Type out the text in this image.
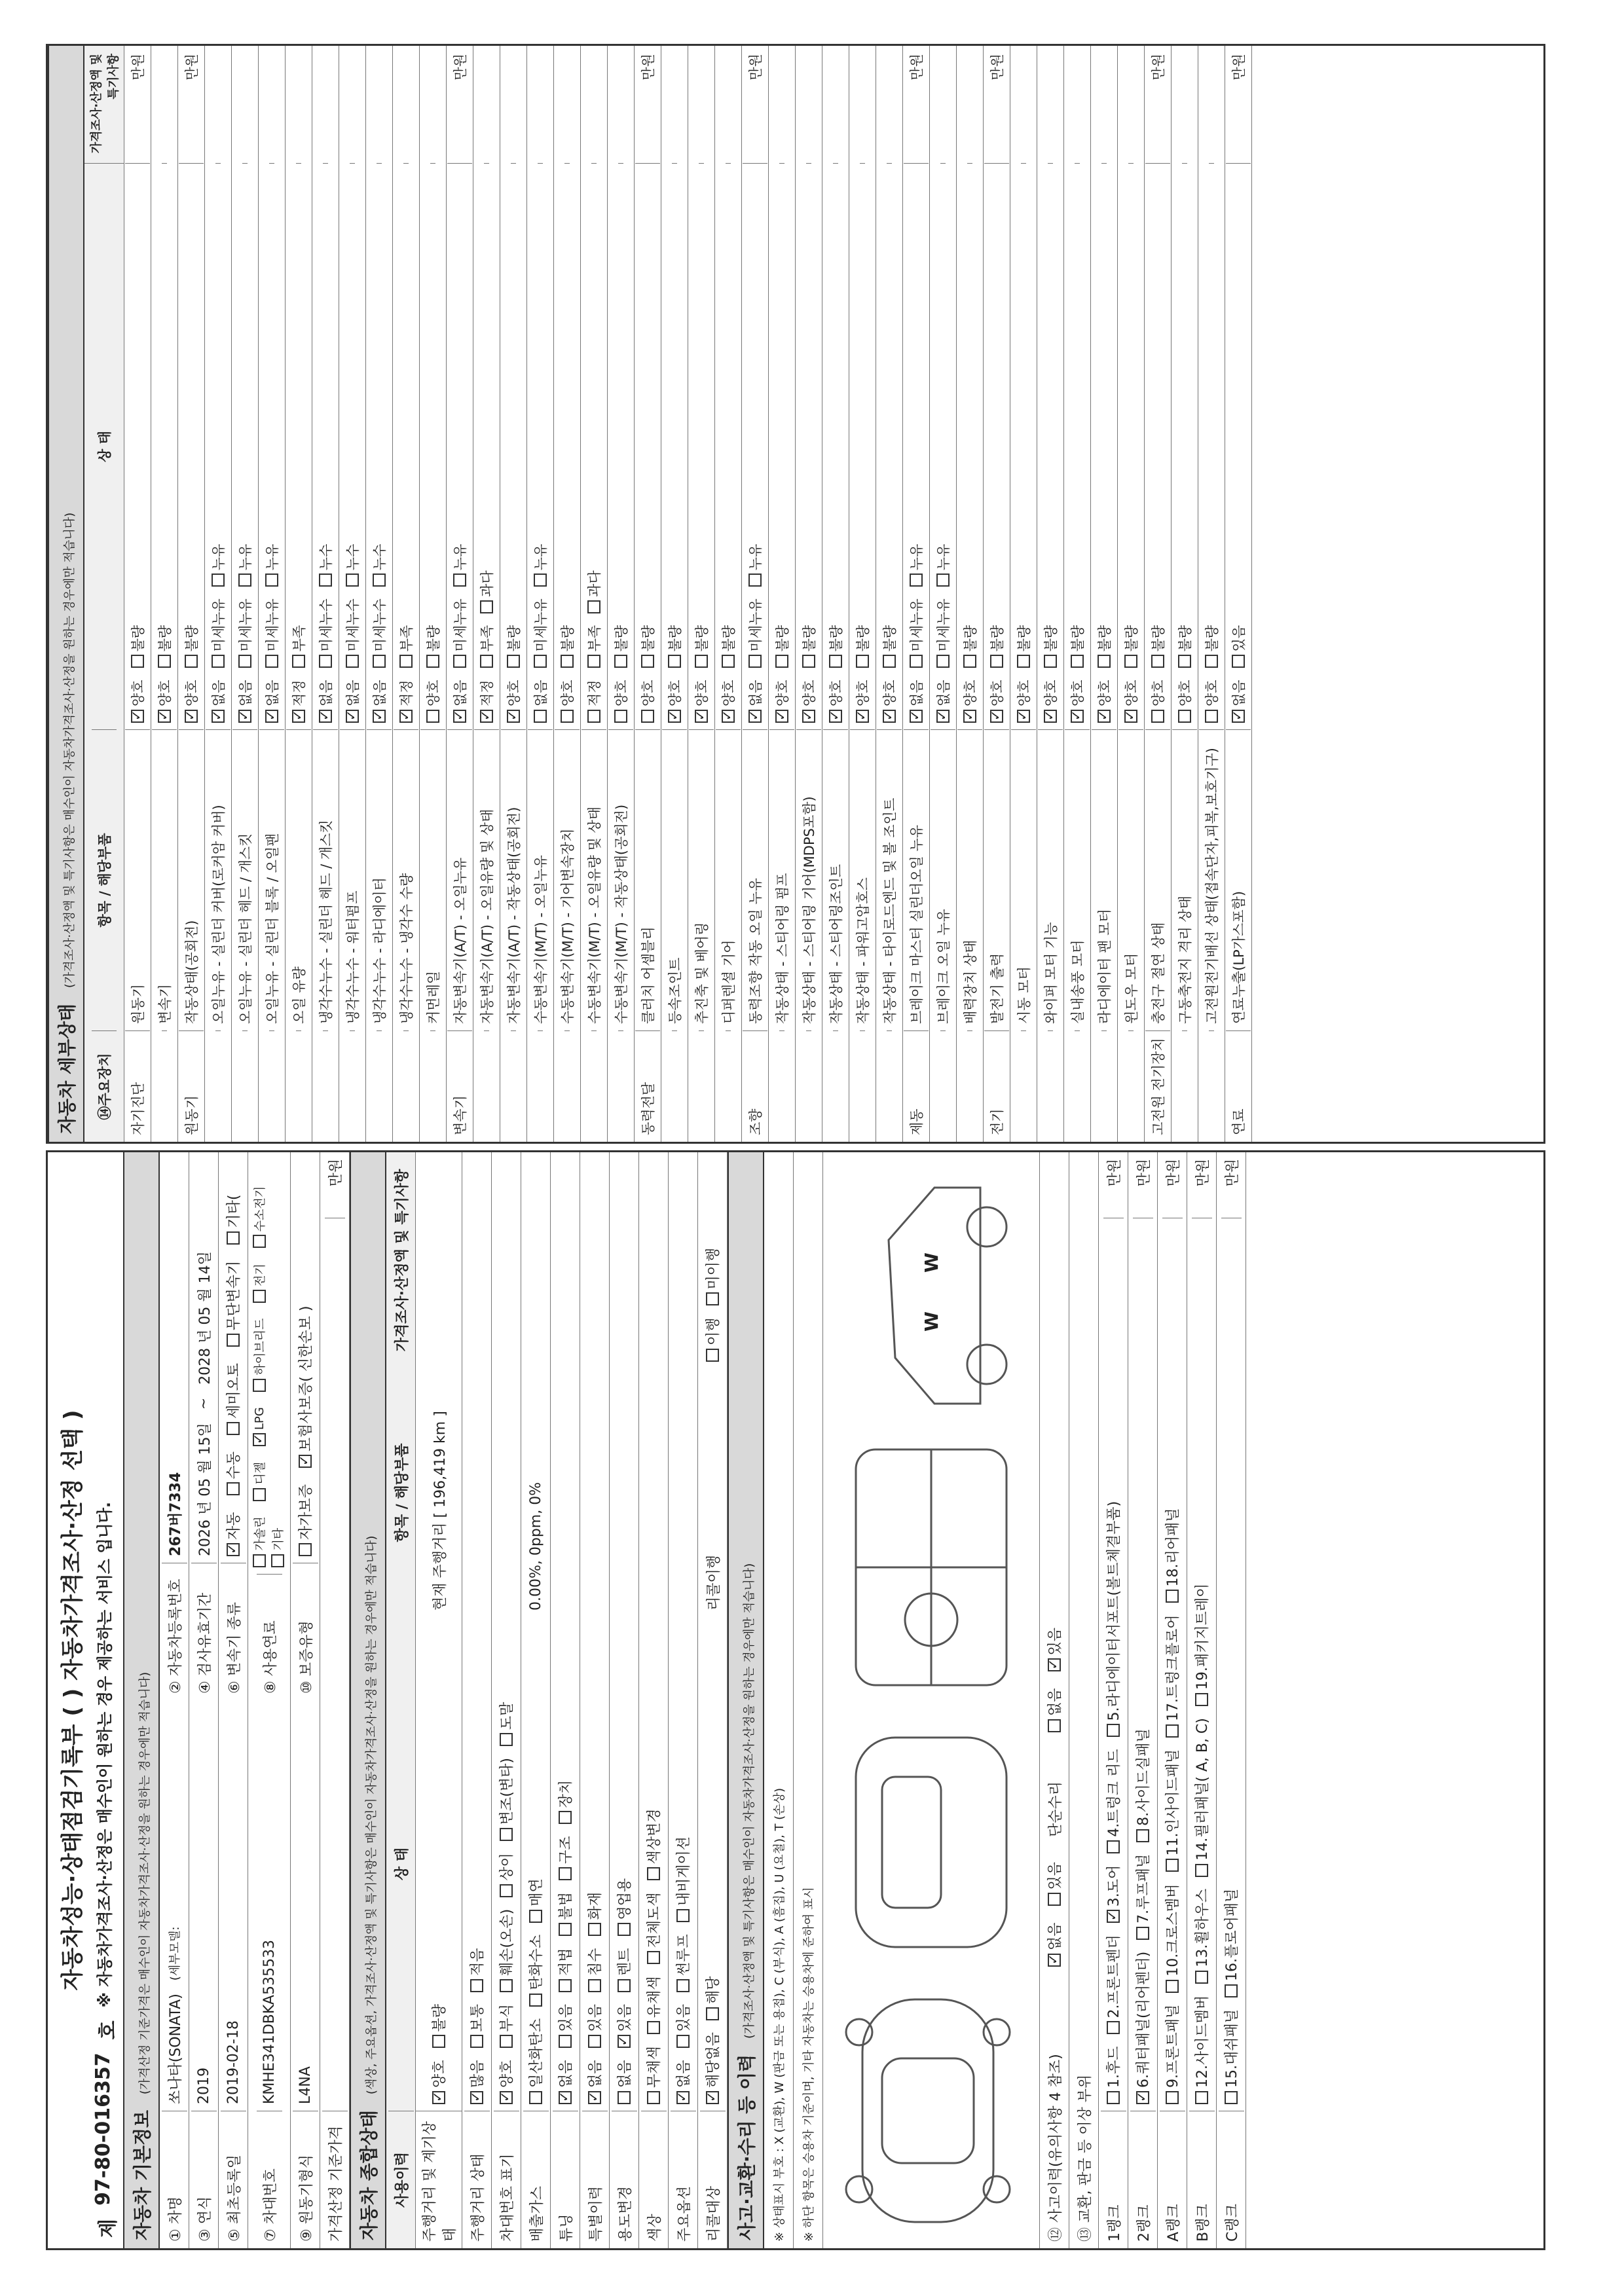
자동차성능·상태점검기록부 ( ) 자동차가격조사·산정 선택 )
제
97-80-016357
호
※ 자동차가격조사·산정은 매수인이 원하는 경우 제공하는 서비스 입니다.
자동차 기본정보 (가격산정 기준가격은 매수인이 자동차가격조사·산정을 원하는 경우에만 적습니다)
① 차명
쏘나타(SONATA)
(세부모델:
② 자동차등록번호
267버7334
③ 연식
2019
④ 검사유효기간
2026 년 05 월 15일
~
2028 년 05 월 14일
⑤ 최초등록일
2019-02-18
⑥ 변속기 종류
✓
자동

수동

세미오토

무단변속기

기타(
⑦ 차대번호
KMHE341DBKA535533
⑧ 사용연료
가솔린

디젤

✓
LPG

하이브리드

전기

수소전기

기타
⑨ 원동기형식
L4NA
⑩ 보증유형
자가보증

✓
보험사보증( 신한손보 )
가격산정 기준가격
만원
자동차 종합상태 (색상, 주요옵션, 가격조사·산정액 및 특기사항은 매수인이 자동차가격조사·산정을 원하는 경우에만 적습니다)
사용이력
상 태
항목 / 해당부품
가격조사·산정액 및 특기사항
주행거리 및 계기상태
✓
양호
불량
현재 주행거리 [ 196,419 km ]
주행거리 상태
✓
많음
보통
적음
차대번호 표기
✓
양호
부식
훼손(오손)
상이
변조(변타)
도말
배출가스
일산화탄소
탄화수소
매연
0.00%, 0ppm, 0%
튜닝
✓
없음
있음
적법
불법
구조
장치
특별이력
✓
없음
있음
침수
화재
용도변경
없음
✓
있음
렌트
영업용
색상
무채색
유채색
전체도색
색상변경
주요옵션
✓
없음
있음
썬루프
내비게이션
리콜대상
✓
해당없음
해당
리콜이행
이행
미이행
사고·교환·수리 등 이력 (가격조사·산정액 및 특기사항은 매수인이 자동차가격조사·산정을 원하는 경우에만 적습니다)	※ 상태표시 부호 : X (교환), W (판금 또는 용접), C (부식), A (흠집), U (요철), T (손상)	※ 하단 항목은 승용차 기준이며, 기타 자동차는 승용차에 준하여 표시
W
W
⑫ 사고이력(유의사항 4 참조)
✓
없음

있음
단순수리
없음

✓
있음
⑬ 교환, 판금 등 이상 부위 1랭크
1.후드
2.프론트펜더
✓
3.도어
4.트렁크 리드
5.라디에이터서포트(볼트체결부품)
만원
2랭크
✓
6.쿼터패널(리어펜더)
7.루프패널
8.사이드실패널
만원
A랭크
9.프론트패널
10.크로스멤버
11.인사이드패널
17.트렁크플로어
18.리어패널
만원
B랭크
12.사이드멤버
13.휠하우스
14.필러패널( A, B, C)
19.패키지트레이
만원
C랭크
15.대쉬패널
16.플로어패널
만원
자동차 세부상태 (가격조사·산정액 및 특기사항은 매수인이 자동차가격조사·산정을 원하는 경우에만 적습니다)
⑭주요장치
항목 / 해당부품
상 태
가격조사·산정액 및 특기사항
자기진단
원동기
✓
양호
불량
만원
변속기
✓
양호
불량
원동기
작동상태(공회전)
✓
양호
불량
만원
오일누유 - 실린더 커버(로커암 커버)
✓
없음
미세누유
누유
오일누유 - 실린더 헤드 / 개스킷
✓
없음
미세누유
누유
오일누유 - 실린더 블록 / 오일팬
✓
없음
미세누유
누유
오일 유량
✓
적정
부족
냉각수누수 - 실린더 헤드 / 개스킷
✓
없음
미세누수
누수
냉각수누수 - 워터펌프
✓
없음
미세누수
누수
냉각수누수 - 라디에이터
✓
없음
미세누수
누수
냉각수누수 - 냉각수 수량
✓
적정
부족
커먼레일
양호
불량
변속기
자동변속기(A/T) - 오일누유
✓
없음
미세누유
누유
만원
자동변속기(A/T) - 오일유량 및 상태
✓
적정
부족
과다
자동변속기(A/T) - 작동상태(공회전)
✓
양호
불량
수동변속기(M/T) - 오일누유
없음
미세누유
누유
수동변속기(M/T) - 기어변속장치
양호
불량
수동변속기(M/T) - 오일유량 및 상태
적정
부족
과다
수동변속기(M/T) - 작동상태(공회전)
양호
불량
동력전달
클러치 어셈블리
양호
불량
만원
등속조인트
✓
양호
불량
추진축 및 베어링
✓
양호
불량
디퍼렌셜 기어
✓
양호
불량
조향
동력조향 작동 오일 누유
✓
없음
미세누유
누유
만원
작동상태 - 스티어링 펌프
✓
양호
불량
작동상태 - 스티어링 기어(MDPS포함)
✓
양호
불량
작동상태 - 스티어링조인트
✓
양호
불량
작동상태 - 파워고압호스
✓
양호
불량
작동상태 - 타이로드엔드 및 볼 조인트
✓
양호
불량
제동
브레이크 마스터 실린더오일 누유
✓
없음
미세누유
누유
만원
브레이크 오일 누유
✓
없음
미세누유
누유
배력장치 상태
✓
양호
불량
전기
발전기 출력
✓
양호
불량
만원
시동 모터
✓
양호
불량
와이퍼 모터 기능
✓
양호
불량
실내송풍 모터
✓
양호
불량
라디에이터 팬 모터
✓
양호
불량
윈도우 모터
✓
양호
불량
고전원 전기장치
충전구 절연 상태
양호
불량
만원
구동축전지 격리 상태
양호
불량
고전원전기배선 상태(접속단자,피복,보호기구)
양호
불량
연료
연료누출(LP가스포함)
✓
없음
있음
만원
